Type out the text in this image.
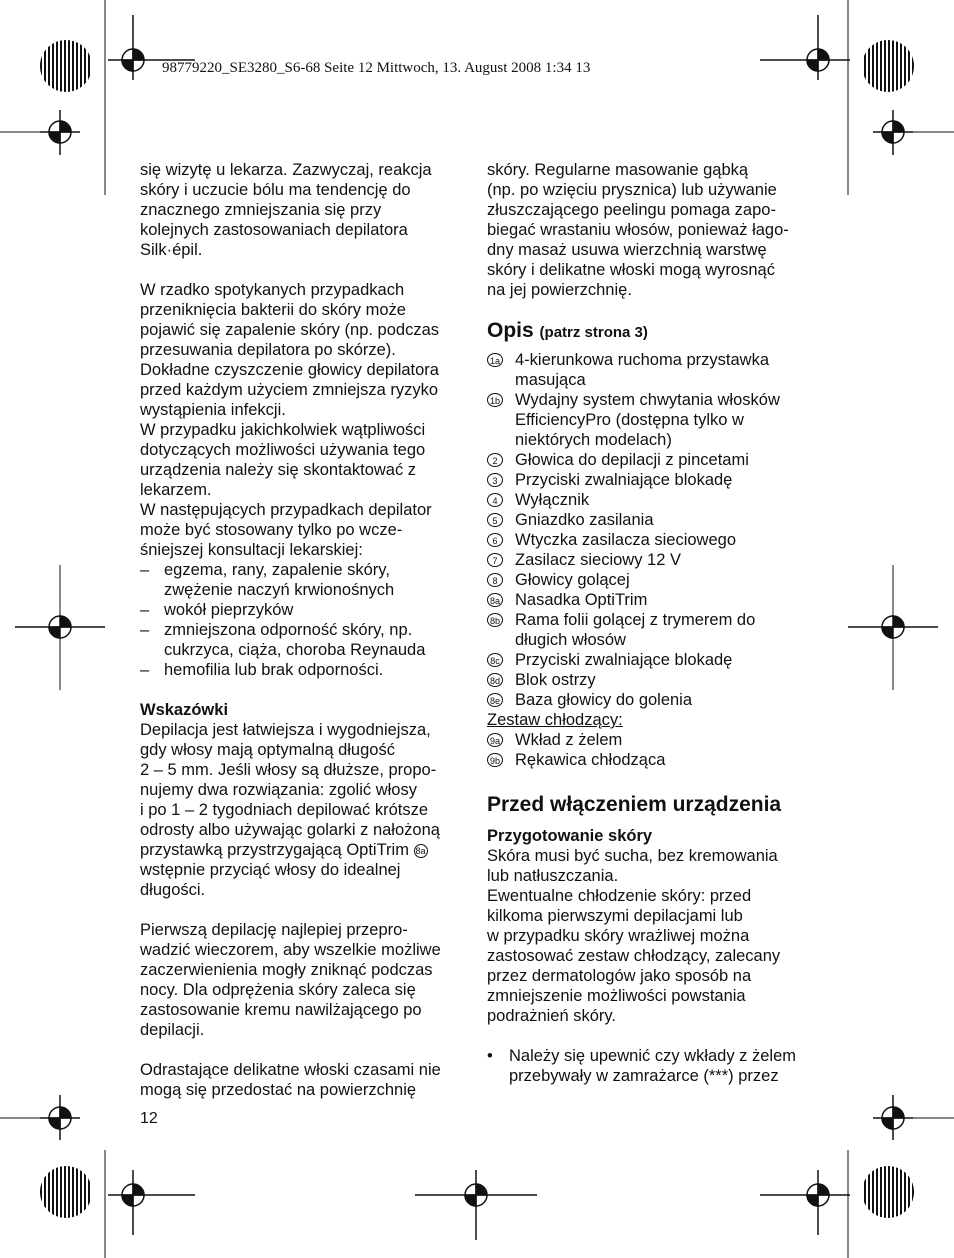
98779220_SE3280_S6-68 Seite 12 Mittwoch, 13. August 2008 1:34 13

się wizytę u lekarza. Zazwyczaj, reakcja
skóry i uczucie bólu ma tendencję do
znacznego zmniejszania się przy
kolejnych zastosowaniach depilatora
Silk·épil.

W rzadko spotykanych przypadkach
przeniknięcia bakterii do skóry może
pojawić się zapalenie skóry (np. podczas
przesuwania depilatora po skórze).
Dokładne czyszczenie głowicy depilatora
przed każdym użyciem zmniejsza ryzyko
wystąpienia infekcji.
W przypadku jakichkolwiek wątpliwości
dotyczących możliwości używania tego
urządzenia należy się skontaktować z
lekarzem.
W następujących przypadkach depilator
może być stosowany tylko po wcze-
śniejszej konsultacji lekarskiej:

– egzema, rany, zapalenie skóry,
zwężenie naczyń krwionośnych

– wokół pieprzyków

– zmniejszona odporność skóry, np.
cukrzyca, ciąża, choroba Reynauda

– hemofilia lub brak odporności.

Wskazówki

Depilacja jest łatwiejsza i wygodniejsza,
gdy włosy mają optymalną długość
2 – 5 mm. Jeśli włosy są dłuższe, propo-
nujemy dwa rozwiązania: zgolić włosy
i po 1 – 2 tygodniach depilować krótsze
odrosty albo używając golarki z nałożoną
przystawką przystrzygającą OptiTrim 8a
wstępnie przyciąć włosy do idealnej
długości.

Pierwszą depilację najlepiej przepro-
wadzić wieczorem, aby wszelkie możliwe
zaczerwienienia mogły zniknąć podczas
nocy. Dla odprężenia skóry zaleca się
zastosowanie kremu nawilżającego po
depilacji.

Odrastające delikatne włoski czasami nie
mogą się przedostać na powierzchnię

skóry. Regularne masowanie gąbką
(np. po wzięciu prysznica) lub używanie
złuszczającego peelingu pomaga zapo-
biegać wrastaniu włosów, ponieważ łago-
dny masaż usuwa wierzchnią warstwę
skóry i delikatne włoski mogą wyrosnąć
na jej powierzchnię.

Opis (patrz strona 3)
1a 4-kierunkowa ruchoma przystawka
masująca
1b Wydajny system chwytania włosków
EfficiencyPro (dostępna tylko w
niektórych modelach)
2	Głowica do depilacji z pincetami
3	Przyciski zwalniające blokadę
4	Wyłącznik
5	Gniazdko zasilania
6	Wtyczka zasilacza sieciowego
7	Zasilacz sieciowy 12 V
8	Głowicy golącej
8a Nasadka OptiTrim
8b Rama folii golącej z trymerem do
długich włosów
8c Przyciski zwalniające blokadę
8d Blok ostrzy
8e Baza głowicy do golenia

Zestaw chłodzący:

9a Wkład z żelem
9b Rękawica chłodząca
Przed włączeniem urządzenia

Przygotowanie skóry

Skóra musi być sucha, bez kremowania
lub natłuszczania.
Ewentualne chłodzenie skóry: przed
kilkoma pierwszymi depilacjami lub
w przypadku skóry wrażliwej można
zastosować zestaw chłodzący, zalecany
przez dermatologów jako sposób na
zmniejszenie możliwości powstania
podrażnień skóry.

• Należy się upewnić czy wkłady z żelem
przebywały w zamrażarce (***) przez

12
